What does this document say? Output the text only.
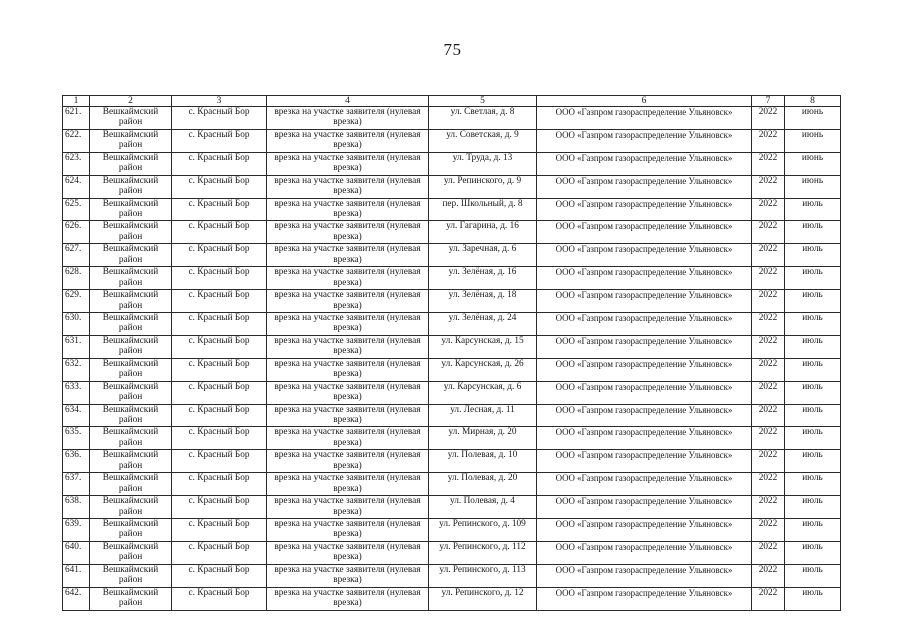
75
1	2	3	4	5	6	7	8
621.	Вешкаймский район	с. Красный Бор	врезка на участке заявителя (нулевая врезка)	ул. Светлая, д. 8	ООО «Газпром газораспределение Ульяновск»	2022	июнь
622.	Вешкаймский район	с. Красный Бор	врезка на участке заявителя (нулевая врезка)	ул. Советская, д. 9	ООО «Газпром газораспределение Ульяновск»	2022	июнь
623.	Вешкаймский район	с. Красный Бор	врезка на участке заявителя (нулевая врезка)	ул. Труда, д. 13	ООО «Газпром газораспределение Ульяновск»	2022	июнь
624.	Вешкаймский район	с. Красный Бор	врезка на участке заявителя (нулевая врезка)	ул. Репинского, д. 9	ООО «Газпром газораспределение Ульяновск»	2022	июнь
625.	Вешкаймский район	с. Красный Бор	врезка на участке заявителя (нулевая врезка)	пер. Школьный, д. 8	ООО «Газпром газораспределение Ульяновск»	2022	июль
626.	Вешкаймский район	с. Красный Бор	врезка на участке заявителя (нулевая врезка)	ул. Гагарина, д. 16	ООО «Газпром газораспределение Ульяновск»	2022	июль
627.	Вешкаймский район	с. Красный Бор	врезка на участке заявителя (нулевая врезка)	ул. Заречная, д. 6	ООО «Газпром газораспределение Ульяновск»	2022	июль
628.	Вешкаймский район	с. Красный Бор	врезка на участке заявителя (нулевая врезка)	ул. Зелёная, д. 16	ООО «Газпром газораспределение Ульяновск»	2022	июль
629.	Вешкаймский район	с. Красный Бор	врезка на участке заявителя (нулевая врезка)	ул. Зелёная, д. 18	ООО «Газпром газораспределение Ульяновск»	2022	июль
630.	Вешкаймский район	с. Красный Бор	врезка на участке заявителя (нулевая врезка)	ул. Зелёная, д. 24	ООО «Газпром газораспределение Ульяновск»	2022	июль
631.	Вешкаймский район	с. Красный Бор	врезка на участке заявителя (нулевая врезка)	ул. Карсунская, д. 15	ООО «Газпром газораспределение Ульяновск»	2022	июль
632.	Вешкаймский район	с. Красный Бор	врезка на участке заявителя (нулевая врезка)	ул. Карсунская, д. 26	ООО «Газпром газораспределение Ульяновск»	2022	июль
633.	Вешкаймский район	с. Красный Бор	врезка на участке заявителя (нулевая врезка)	ул. Карсунская, д. 6	ООО «Газпром газораспределение Ульяновск»	2022	июль
634.	Вешкаймский район	с. Красный Бор	врезка на участке заявителя (нулевая врезка)	ул. Лесная, д. 11	ООО «Газпром газораспределение Ульяновск»	2022	июль
635.	Вешкаймский район	с. Красный Бор	врезка на участке заявителя (нулевая врезка)	ул. Мирная, д. 20	ООО «Газпром газораспределение Ульяновск»	2022	июль
636.	Вешкаймский район	с. Красный Бор	врезка на участке заявителя (нулевая врезка)	ул. Полевая, д. 10	ООО «Газпром газораспределение Ульяновск»	2022	июль
637.	Вешкаймский район	с. Красный Бор	врезка на участке заявителя (нулевая врезка)	ул. Полевая, д. 20	ООО «Газпром газораспределение Ульяновск»	2022	июль
638.	Вешкаймский район	с. Красный Бор	врезка на участке заявителя (нулевая врезка)	ул. Полевая, д. 4	ООО «Газпром газораспределение Ульяновск»	2022	июль
639.	Вешкаймский район	с. Красный Бор	врезка на участке заявителя (нулевая врезка)	ул. Репинского, д. 109	ООО «Газпром газораспределение Ульяновск»	2022	июль
640.	Вешкаймский район	с. Красный Бор	врезка на участке заявителя (нулевая врезка)	ул. Репинского, д. 112	ООО «Газпром газораспределение Ульяновск»	2022	июль
641.	Вешкаймский район	с. Красный Бор	врезка на участке заявителя (нулевая врезка)	ул. Репинского, д. 113	ООО «Газпром газораспределение Ульяновск»	2022	июль
642.	Вешкаймский район	с. Красный Бор	врезка на участке заявителя (нулевая врезка)	ул. Репинского, д. 12	ООО «Газпром газораспределение Ульяновск»	2022	июль
